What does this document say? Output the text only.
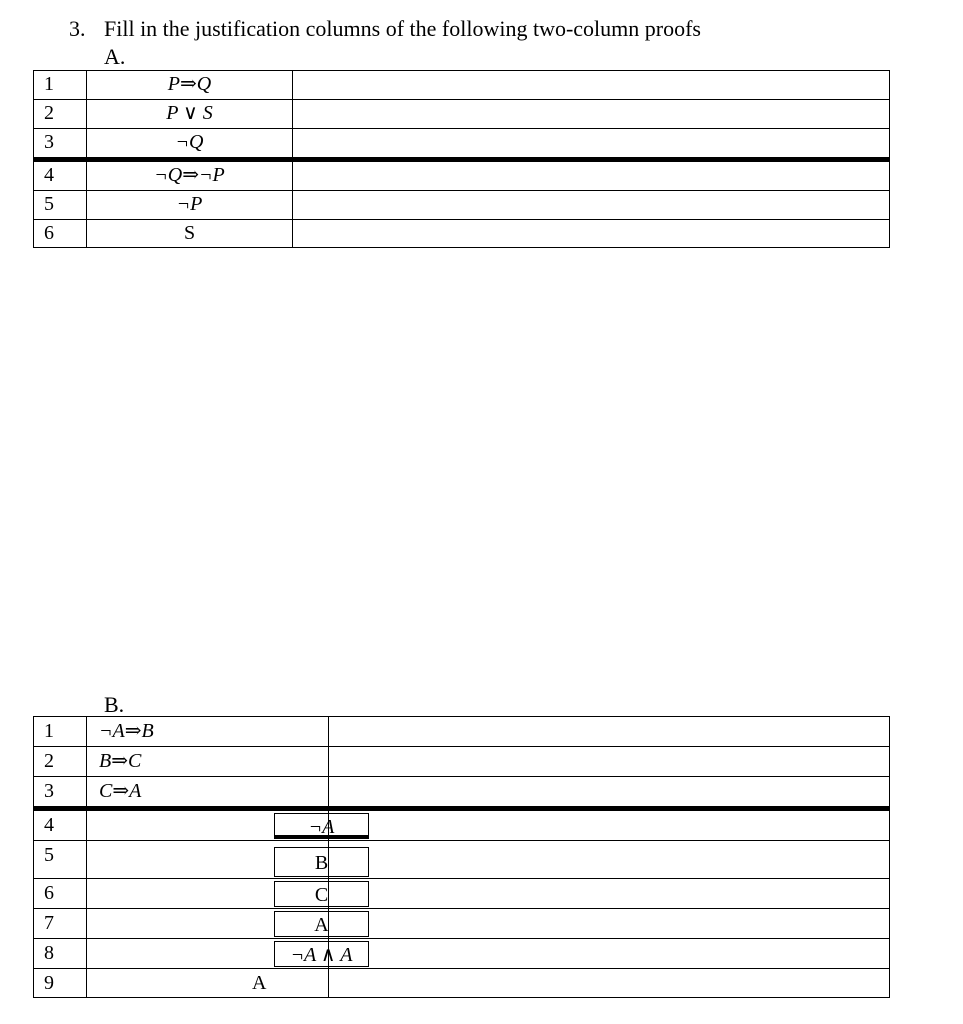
3. Fill in the justification columns of the following two-column proofs
A.
1	P⇒Q
2	P ∨ S
3	¬Q
4	¬Q⇒¬P
5	¬P
6	S
B.
1	¬A⇒B
2	B⇒C
3	C⇒A
4	¬A
5	B
6	C
7	A
8	¬A ∧ A
9	A
